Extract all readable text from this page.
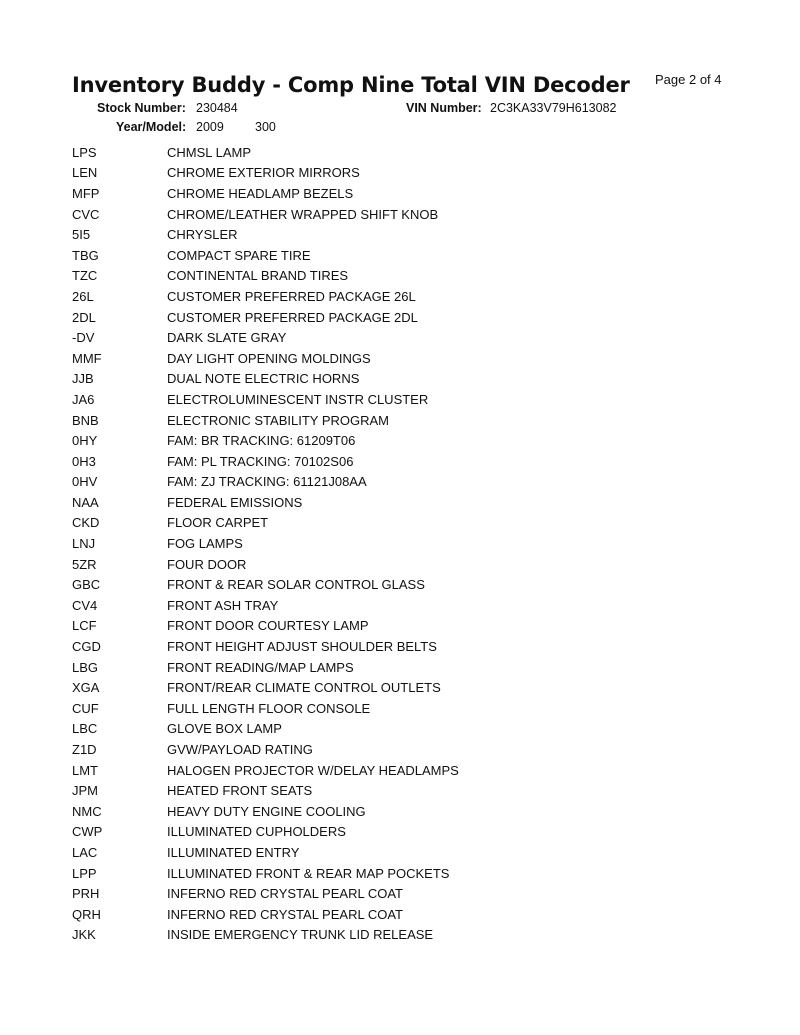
Inventory Buddy - Comp Nine Total VIN Decoder Page 2 of 4
Stock Number: 230484	VIN Number: 2C3KA33V79H613082
Year/Model: 2009 300
LPS	CHMSL LAMP
LEN	CHROME EXTERIOR MIRRORS
MFP	CHROME HEADLAMP BEZELS
CVC	CHROME/LEATHER WRAPPED SHIFT KNOB
5I5	CHRYSLER
TBG	COMPACT SPARE TIRE
TZC	CONTINENTAL BRAND TIRES
26L	CUSTOMER PREFERRED PACKAGE 26L
2DL	CUSTOMER PREFERRED PACKAGE 2DL
-DV	DARK SLATE GRAY
MMF	DAY LIGHT OPENING MOLDINGS
JJB	DUAL NOTE ELECTRIC HORNS
JA6	ELECTROLUMINESCENT INSTR CLUSTER
BNB	ELECTRONIC STABILITY PROGRAM
0HY	FAM: BR TRACKING: 61209T06
0H3	FAM: PL TRACKING: 70102S06
0HV	FAM: ZJ TRACKING: 61121J08AA
NAA	FEDERAL EMISSIONS
CKD	FLOOR CARPET
LNJ	FOG LAMPS
5ZR	FOUR DOOR
GBC	FRONT & REAR SOLAR CONTROL GLASS
CV4	FRONT ASH TRAY
LCF	FRONT DOOR COURTESY LAMP
CGD	FRONT HEIGHT ADJUST SHOULDER BELTS
LBG	FRONT READING/MAP LAMPS
XGA	FRONT/REAR CLIMATE CONTROL OUTLETS
CUF	FULL LENGTH FLOOR CONSOLE
LBC	GLOVE BOX LAMP
Z1D	GVW/PAYLOAD RATING
LMT	HALOGEN PROJECTOR W/DELAY HEADLAMPS
JPM	HEATED FRONT SEATS
NMC	HEAVY DUTY ENGINE COOLING
CWP	ILLUMINATED CUPHOLDERS
LAC	ILLUMINATED ENTRY
LPP	ILLUMINATED FRONT & REAR MAP POCKETS
PRH	INFERNO RED CRYSTAL PEARL COAT
QRH	INFERNO RED CRYSTAL PEARL COAT
JKK	INSIDE EMERGENCY TRUNK LID RELEASE
